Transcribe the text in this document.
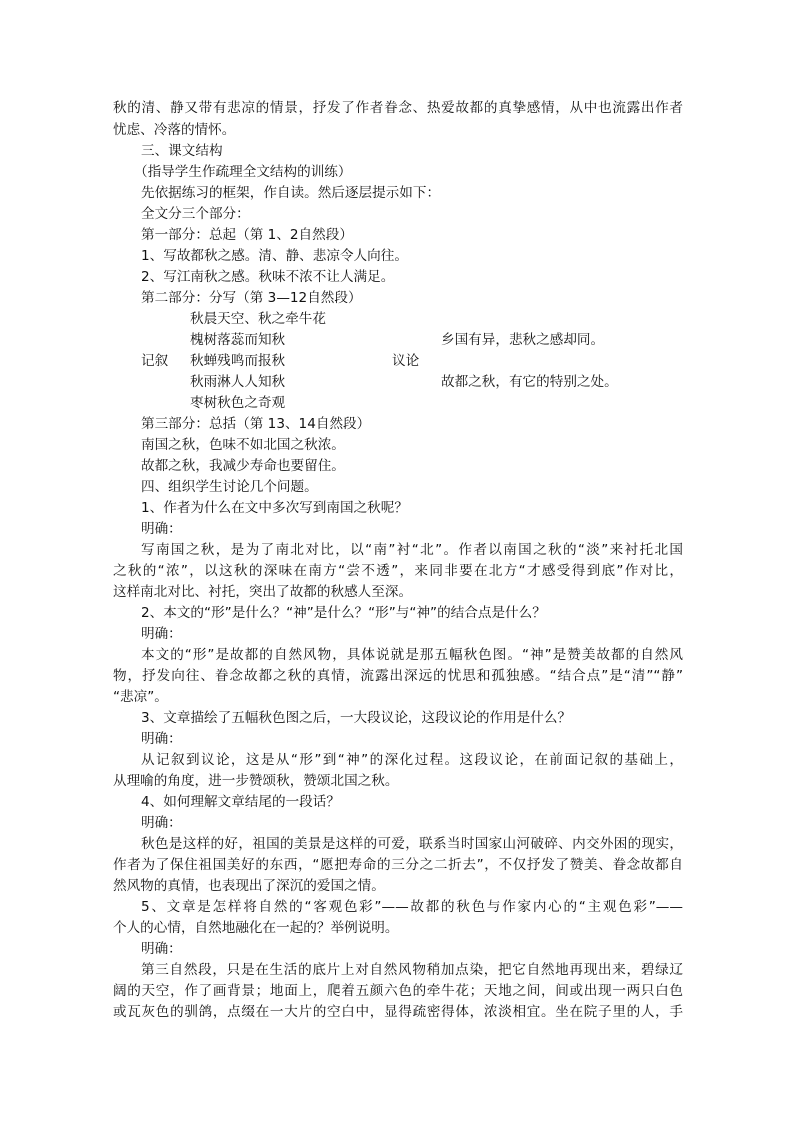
秋的清、静又带有悲凉的情景，抒发了作者眷念、热爱故都的真挚感情，从中也流露出作者
忧虑、冷落的情怀。
三、课文结构
（指导学生作疏理全文结构的训练）
先依据练习的框架，作自读。然后逐层提示如下：
全文分三个部分：
第一部分：总起（第 1、2自然段）
1、写故都秋之感。清、静、悲凉令人向往。
2、写江南秋之感。秋味不浓不让人满足。
第二部分：分写（第 3—12自然段）
秋晨天空、秋之牵牛花
槐树落蕊而知秋	乡国有异，悲秋之感却同。
记叙 秋蝉残鸣而报秋	议论
秋雨淋人人知秋	故都之秋，有它的特别之处。
枣树秋色之奇观
第三部分：总括（第 13、14自然段）
南国之秋，色味不如北国之秋浓。
故都之秋，我减少寿命也要留住。
四、组织学生讨论几个问题。
1、作者为什么在文中多次写到南国之秋呢？
明确：
写南国之秋，是为了南北对比，以“南”衬“北”。作者以南国之秋的“淡”来衬托北国
之秋的“浓”，以这秋的深味在南方“尝不透”，来同非要在北方“才感受得到底”作对比，
这样南北对比、衬托，突出了故都的秋感人至深。
2、本文的“形”是什么？“神”是什么？“形”与“神”的结合点是什么？
明确：
本文的“形”是故都的自然风物，具体说就是那五幅秋色图。“神”是赞美故都的自然风
物，抒发向往、眷念故都之秋的真情，流露出深远的忧思和孤独感。“结合点”是“清”“静”
“悲凉”。
3、文章描绘了五幅秋色图之后，一大段议论，这段议论的作用是什么？
明确：
从记叙到议论，这是从“形”到“神”的深化过程。这段议论，在前面记叙的基础上，
从理喻的角度，进一步赞颂秋，赞颂北国之秋。
4、如何理解文章结尾的一段话？
明确：
秋色是这样的好，祖国的美景是这样的可爱，联系当时国家山河破碎、内交外困的现实，
作者为了保住祖国美好的东西，“愿把寿命的三分之二折去”，不仅抒发了赞美、眷念故都自
然风物的真情，也表现出了深沉的爱国之情。
5、文章是怎样将自然的“客观色彩”——故都的秋色与作家内心的“主观色彩”——
个人的心情，自然地融化在一起的？举例说明。
明确：
第三自然段，只是在生活的底片上对自然风物稍加点染，把它自然地再现出来，碧绿辽
阔的天空，作了画背景；地面上，爬着五颜六色的牵牛花；天地之间，间或出现一两只白色
或瓦灰色的驯鸽，点缀在一大片的空白中，显得疏密得体，浓淡相宜。坐在院子里的人，手
